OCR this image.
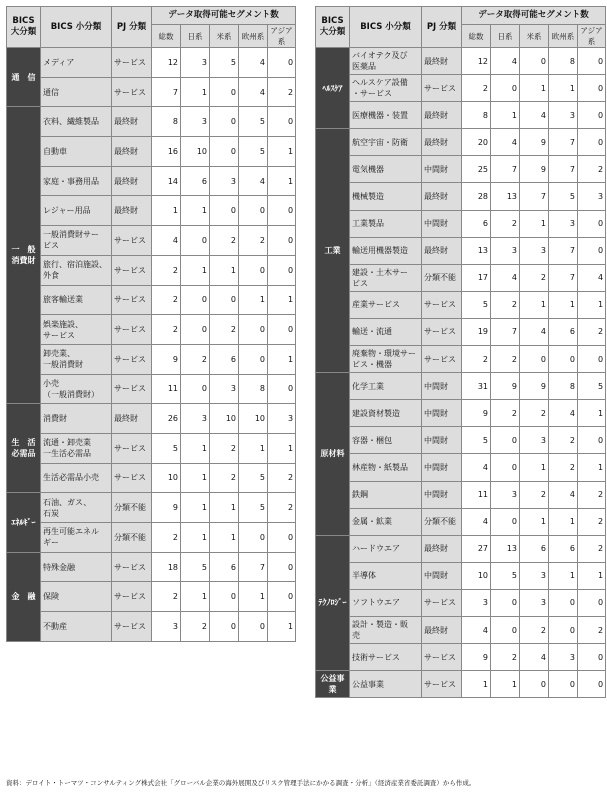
BICS
大分類	BICS 小分類	PJ 分類	データ取得可能セグメント数				
			総数	日系	米系	欧州系	アジア系
通　信	メディア	サービス	12	3	5	4	0
	通信	サービス	7	1	0	4	2
一　般
消費財	衣料、繊維製品	最終財	8	3	0	5	0
	自動車	最終財	16	10	0	5	1
	家庭・事務用品	最終財	14	6	3	4	1
	レジャー用品	最終財	1	1	0	0	0
	一般消費財サー
ビス	サービス	4	0	2	2	0
	旅行、宿泊施設、
外食	サービス	2	1	1	0	0
	旅客輸送業	サービス	2	0	0	1	1
	娯楽施設、
サービス	サービス	2	0	2	0	0
	卸売業、
一般消費財	サービス	9	2	6	0	1
	小売
（一般消費財）	サービス	11	0	3	8	0
生　活
必需品	消費財	最終財	26	3	10	10	3
	流通・卸売業
一生活必需品	サービス	5	1	2	1	1
	生活必需品小売	サービス	10	1	2	5	2
ｴﾈﾙｷﾞｰ	石油、ガス、
石炭	分類不能	9	1	1	5	2
	再生可能エネル
ギー	分類不能	2	1	1	0	0
金　融	特殊金融	サービス	18	5	6	7	0
	保険	サービス	2	1	0	1	0
	不動産	サービス	3	2	0	0	1
BICS
大分類	BICS 小分類	PJ 分類	データ取得可能セグメント数				
			総数	日系	米系	欧州系	アジア系
ﾍﾙｽｹｱ	バイオテク及び
医薬品	最終財	12	4	0	8	0
	ヘルスケア設備
・サービス	サービス	2	0	1	1	0
	医療機器・装置	最終財	8	1	4	3	0
工業	航空宇宙・防衛	最終財	20	4	9	7	0
	電気機器	中間財	25	7	9	7	2
	機械製造	最終財	28	13	7	5	3
	工業製品	中間財	6	2	1	3	0
	輸送用機器製造	最終財	13	3	3	7	0
	建設・土木サー
ビス	分類不能	17	4	2	7	4
	産業サービス	サービス	5	2	1	1	1
	輸送・流通	サービス	19	7	4	6	2
	廃棄物・環境サー
ビス・機器	サービス	2	2	0	0	0
原材料	化学工業	中間財	31	9	9	8	5
	建設資材製造	中間財	9	2	2	4	1
	容器・梱包	中間財	5	0	3	2	0
	林産物・紙製品	中間財	4	0	1	2	1
	鉄鋼	中間財	11	3	2	4	2
	金属・鉱業	分類不能	4	0	1	1	2
ﾃｸﾉﾛｼﾞｰ	ハードウエア	最終財	27	13	6	6	2
	半導体	中間財	10	5	3	1	1
	ソフトウエア	サービス	3	0	3	0	0
	設計・製造・販
売	最終財	4	0	2	0	2
	技術サービス	サービス	9	2	4	3	0
公益事業	公益事業	サービス	1	1	0	0	0
資料：デロイト・トーマツ・コンサルティング株式会社「グローバル企業の海外展開及びリスク管理手法にかかる調査・分析」（経済産業省委託調査）から作成。
